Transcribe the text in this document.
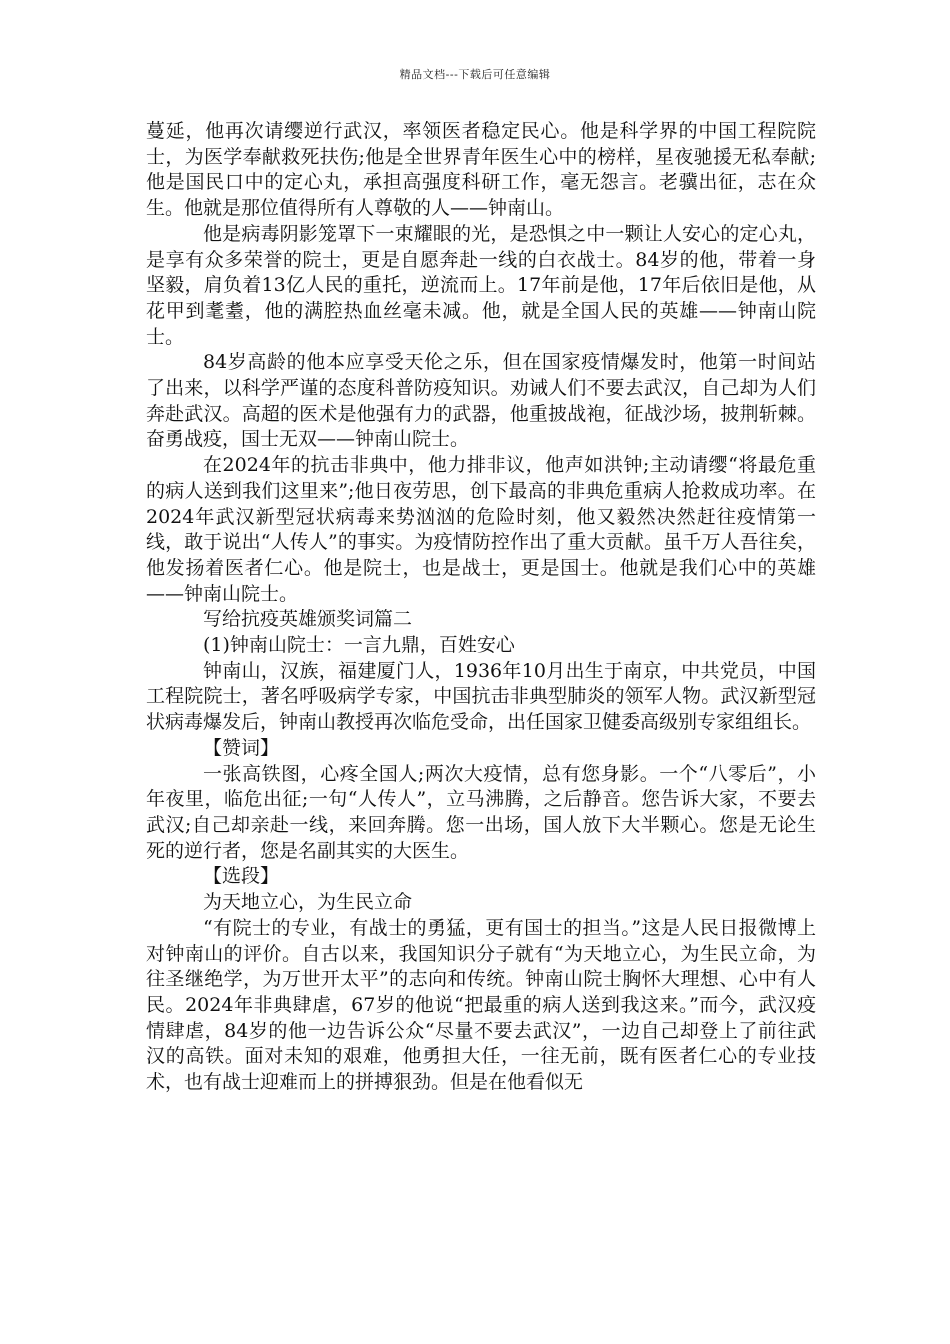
精品文档---下载后可任意编辑

蔓延，他再次请缨逆行武汉，率领医者稳定民心。他是科学界的中国工程院院士，为医学奉献救死扶伤;他是全世界青年医生心中的榜样，星夜驰援无私奉献;他是国民口中的定心丸，承担高强度科研工作，毫无怨言。老骥出征，志在众生。他就是那位值得所有人尊敬的人——钟南山。

他是病毒阴影笼罩下一束耀眼的光，是恐惧之中一颗让人安心的定心丸，是享有众多荣誉的院士，更是自愿奔赴一线的白衣战士。84岁的他，带着一身坚毅，肩负着13亿人民的重托，逆流而上。17年前是他，17年后依旧是他，从花甲到耄耋，他的满腔热血丝毫未减。他，就是全国人民的英雄——钟南山院士。

84岁高龄的他本应享受天伦之乐，但在国家疫情爆发时，他第一时间站了出来，以科学严谨的态度科普防疫知识。劝诫人们不要去武汉，自己却为人们奔赴武汉。高超的医术是他强有力的武器，他重披战袍，征战沙场，披荆斩棘。奋勇战疫，国士无双——钟南山院士。

在2024年的抗击非典中，他力排非议，他声如洪钟;主动请缨“将最危重的病人送到我们这里来”;他日夜劳思，创下最高的非典危重病人抢救成功率。在2024年武汉新型冠状病毒来势汹汹的危险时刻，他又毅然决然赶往疫情第一线，敢于说出“人传人”的事实。为疫情防控作出了重大贡献。虽千万人吾往矣，他发扬着医者仁心。他是院士，也是战士，更是国士。他就是我们心中的英雄——钟南山院士。

写给抗疫英雄颁奖词篇二

(1)钟南山院士：一言九鼎，百姓安心

钟南山，汉族，福建厦门人，1936年10月出生于南京，中共党员，中国工程院院士，著名呼吸病学专家，中国抗击非典型肺炎的领军人物。武汉新型冠状病毒爆发后，钟南山教授再次临危受命，出任国家卫健委高级别专家组组长。

【赞词】

一张高铁图，心疼全国人;两次大疫情，总有您身影。一个“八零后”，小年夜里，临危出征;一句“人传人”，立马沸腾，之后静音。您告诉大家，不要去武汉;自己却亲赴一线，来回奔腾。您一出场，国人放下大半颗心。您是无论生死的逆行者，您是名副其实的大医生。

【选段】

为天地立心，为生民立命

“有院士的专业，有战士的勇猛，更有国士的担当。”这是人民日报微博上对钟南山的评价。自古以来，我国知识分子就有“为天地立心，为生民立命，为往圣继绝学，为万世开太平”的志向和传统。钟南山院士胸怀大理想、心中有人民。2024年非典肆虐，67岁的他说“把最重的病人送到我这来。”而今，武汉疫情肆虐，84岁的他一边告诉公众“尽量不要去武汉”，一边自己却登上了前往武汉的高铁。面对未知的艰难，他勇担大任，一往无前，既有医者仁心的专业技术，也有战士迎难而上的拼搏狠劲。但是在他看似无
